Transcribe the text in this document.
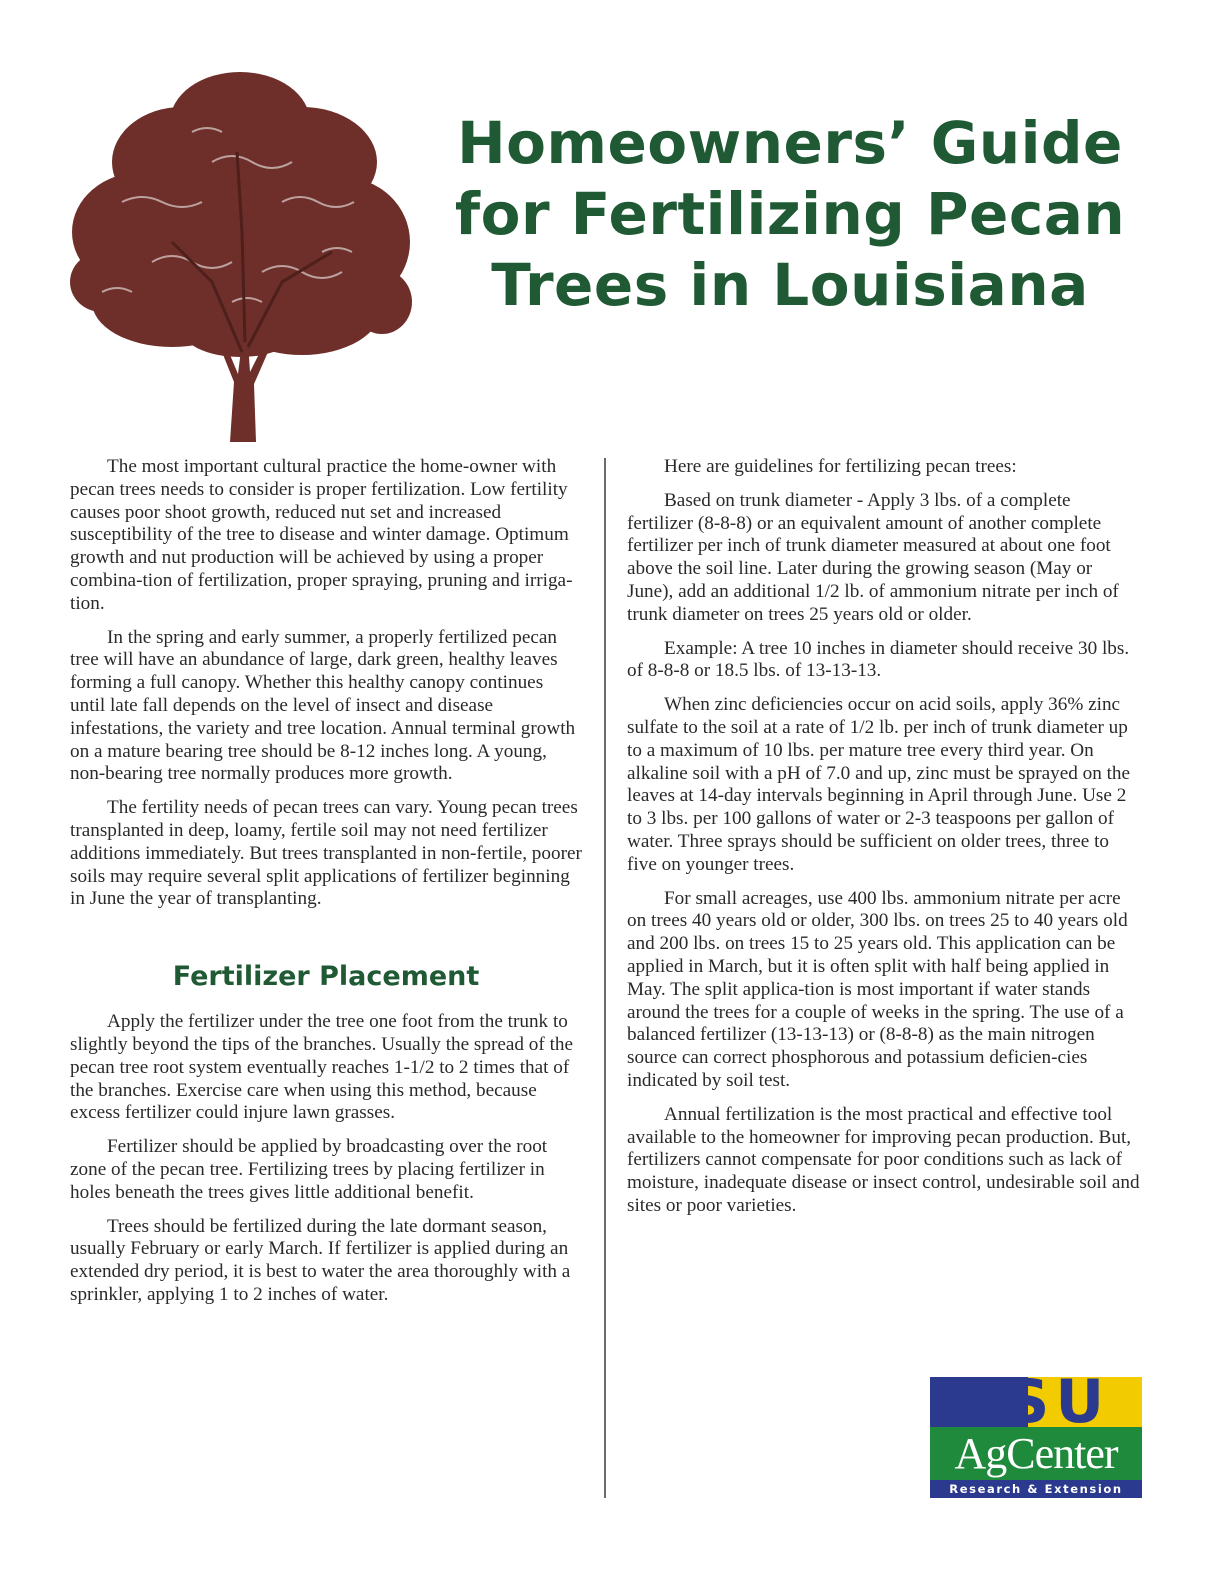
Homeowners’ Guide
for Fertilizing Pecan
Trees in Louisiana

The most important cultural practice the home-owner with pecan trees needs to consider is proper fertilization. Low fertility causes poor shoot growth, reduced nut set and increased susceptibility of the tree to disease and winter damage. Optimum growth and nut production will be achieved by using a proper combina-tion of fertilization, proper spraying, pruning and irriga-tion.

In the spring and early summer, a properly fertilized pecan tree will have an abundance of large, dark green, healthy leaves forming a full canopy. Whether this healthy canopy continues until late fall depends on the level of insect and disease infestations, the variety and tree location. Annual terminal growth on a mature bearing tree should be 8-12 inches long. A young, non-bearing tree normally produces more growth.

The fertility needs of pecan trees can vary. Young pecan trees transplanted in deep, loamy, fertile soil may not need fertilizer additions immediately. But trees transplanted in non-fertile, poorer soils may require several split applications of fertilizer beginning in June the year of transplanting.

Fertilizer Placement

Apply the fertilizer under the tree one foot from the trunk to slightly beyond the tips of the branches. Usually the spread of the pecan tree root system eventually reaches 1-1/2 to 2 times that of the branches. Exercise care when using this method, because excess fertilizer could injure lawn grasses.

Fertilizer should be applied by broadcasting over the root zone of the pecan tree. Fertilizing trees by placing fertilizer in holes beneath the trees gives little additional benefit.

Trees should be fertilized during the late dormant season, usually February or early March. If fertilizer is applied during an extended dry period, it is best to water the area thoroughly with a sprinkler, applying 1 to 2 inches of water.

Here are guidelines for fertilizing pecan trees:

Based on trunk diameter - Apply 3 lbs. of a complete fertilizer (8-8-8) or an equivalent amount of another complete fertilizer per inch of trunk diameter measured at about one foot above the soil line. Later during the growing season (May or June), add an additional 1/2 lb. of ammonium nitrate per inch of trunk diameter on trees 25 years old or older.

Example: A tree 10 inches in diameter should receive 30 lbs. of 8-8-8 or 18.5 lbs. of 13-13-13.

When zinc deficiencies occur on acid soils, apply 36% zinc sulfate to the soil at a rate of 1/2 lb. per inch of trunk diameter up to a maximum of 10 lbs. per mature tree every third year. On alkaline soil with a pH of 7.0 and up, zinc must be sprayed on the leaves at 14-day intervals beginning in April through June. Use 2 to 3 lbs. per 100 gallons of water or 2-3 teaspoons per gallon of water. Three sprays should be sufficient on older trees, three to five on younger trees.

For small acreages, use 400 lbs. ammonium nitrate per acre on trees 40 years old or older, 300 lbs. on trees 25 to 40 years old and 200 lbs. on trees 15 to 25 years old. This application can be applied in March, but it is often split with half being applied in May. The split applica-tion is most important if water stands around the trees for a couple of weeks in the spring. The use of a balanced fertilizer (13-13-13) or (8-8-8) as the main nitrogen source can correct phosphorous and potassium deficien-cies indicated by soil test.

Annual fertilization is the most practical and effective tool available to the homeowner for improving pecan production. But, fertilizers cannot compensate for poor conditions such as lack of moisture, inadequate disease or insect control, undesirable soil and sites or poor varieties.

LSU
AgCenter
Research & Extension
